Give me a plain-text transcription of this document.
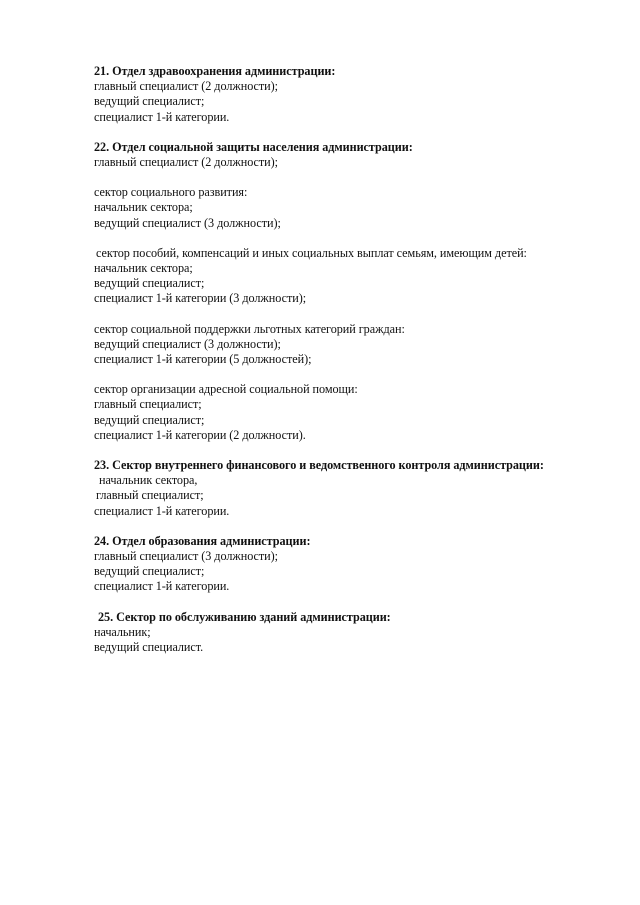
21. Отдел здравоохранения администрации:
главный специалист (2 должности);
ведущий специалист;
специалист 1-й категории.
22. Отдел социальной защиты населения администрации:
главный специалист (2 должности);
сектор социального развития:
начальник сектора;
ведущий специалист (3 должности);
сектор пособий, компенсаций и иных социальных выплат семьям, имеющим детей:
начальник сектора;
ведущий специалист;
специалист 1-й категории (3 должности);
сектор социальной поддержки льготных категорий граждан:
ведущий специалист (3 должности);
специалист 1-й категории (5 должностей);
сектор организации адресной социальной помощи:
главный специалист;
ведущий специалист;
специалист 1-й категории (2 должности).
23. Сектор внутреннего финансового и ведомственного контроля администрации:
начальник сектора,
главный специалист;
специалист 1-й категории.
24. Отдел образования администрации:
главный специалист (3 должности);
ведущий специалист;
специалист 1-й категории.
25. Сектор по обслуживанию зданий администрации:
начальник;
ведущий специалист.
